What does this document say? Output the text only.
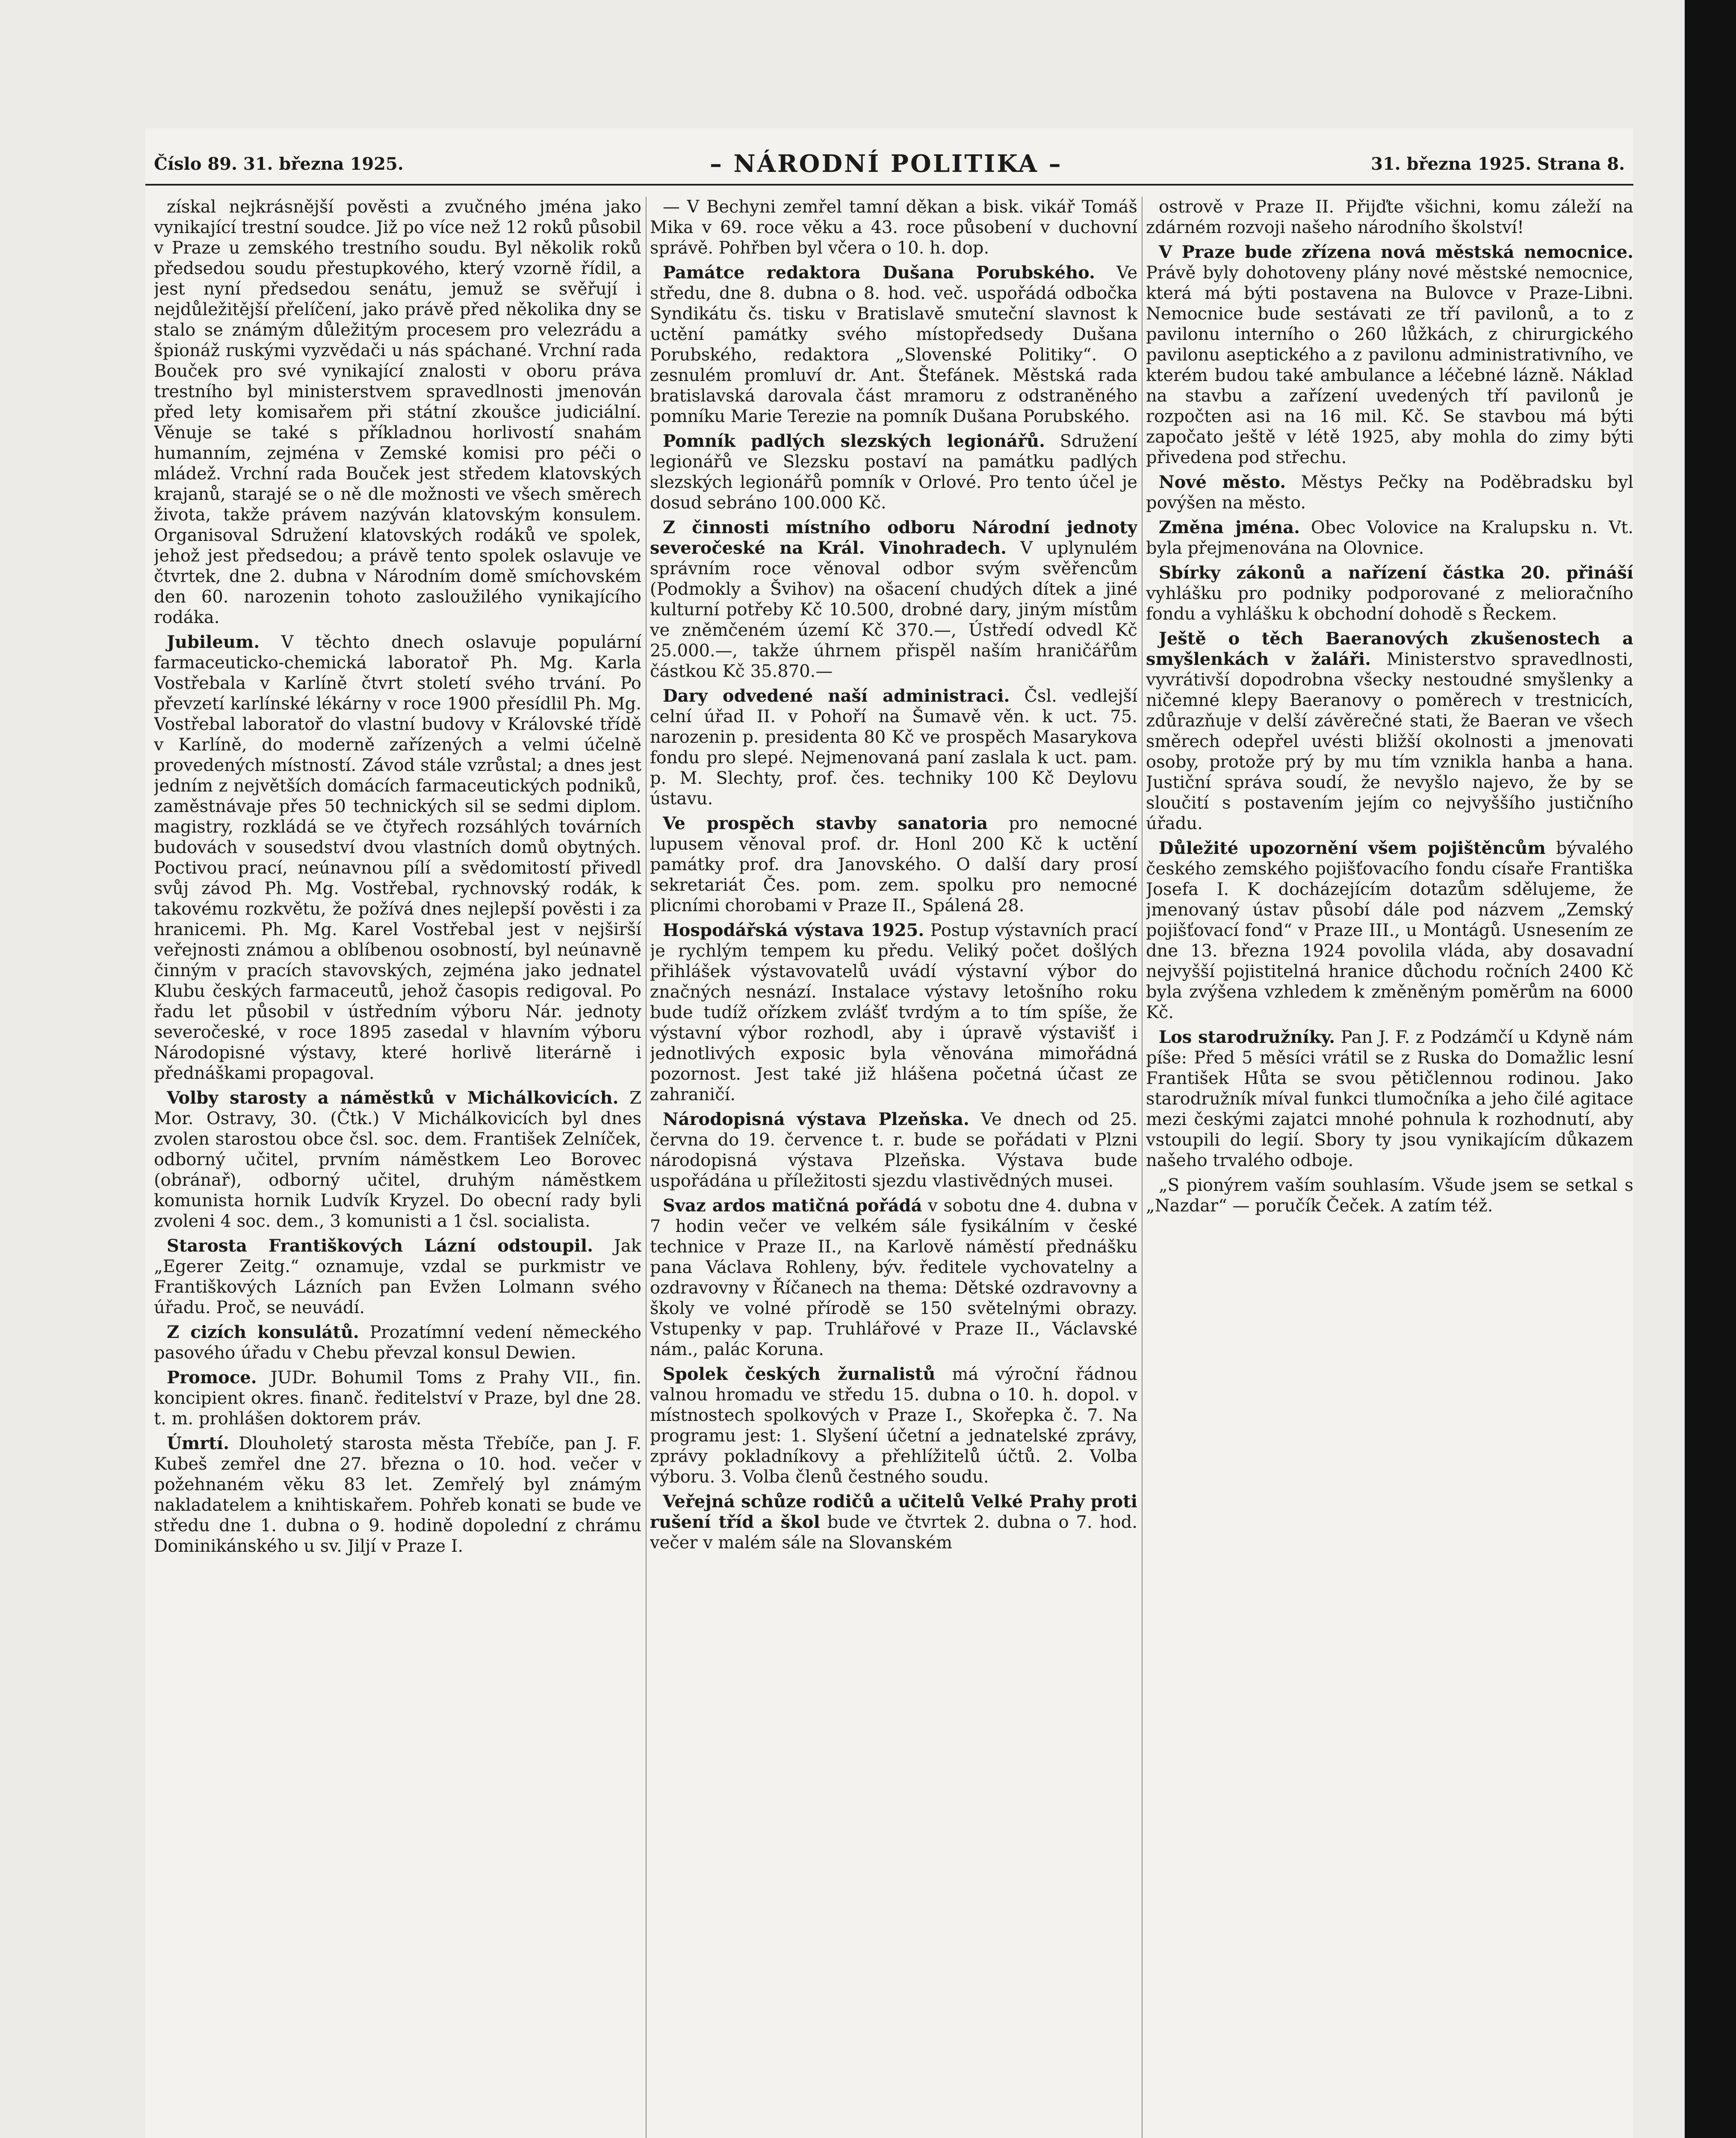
Číslo 89. 31. března 1925.	– NÁRODNÍ POLITIKA –	31. března 1925. Strana 8.

získal nejkrásnější pověsti a zvučného jména jako vynikající trestní soudce. Již po více než 12 roků působil v Praze u zemského trestního soudu. Byl několik roků předsedou soudu přestupkového, který vzorně řídil, a jest nyní předsedou senátu, jemuž se svěřují i nejdůležitější přelíčení, jako právě před několika dny se stalo se známým důležitým procesem pro velezrádu a špionáž ruskými vyzvědači u nás spáchané. Vrchní rada Bouček pro své vynikající znalosti v oboru práva trestního byl ministerstvem spravedlnosti jmenován před lety komisařem při státní zkoušce judiciální. Věnuje se také s příkladnou horlivostí snahám humanním, zejména v Zemské komisi pro péči o mládež. Vrchní rada Bouček jest středem klatovských krajanů, starajé se o ně dle možnosti ve všech směrech života, takže právem nazýván klatovským konsulem. Organisoval Sdružení klatovských rodáků ve spolek, jehož jest předsedou; a právě tento spolek oslavuje ve čtvrtek, dne 2. dubna v Národním domě smíchovském den 60. narozenin tohoto zasloužilého vynikajícího rodáka.

Jubileum. V těchto dnech oslavuje populární farmaceuticko-chemická laboratoř Ph. Mg. Karla Vostřebala v Karlíně čtvrt století svého trvání. Po převzetí karlínské lékárny v roce 1900 přesídlil Ph. Mg. Vostřebal laboratoř do vlastní budovy v Královské třídě v Karlíně, do moderně zařízených a velmi účelně provedených místností. Závod stále vzrůstal; a dnes jest jedním z největších domácích farmaceutických podniků, zaměstnávaje přes 50 technických sil se sedmi diplom. magistry, rozkládá se ve čtyřech rozsáhlých továrních budovách v sousedství dvou vlastních domů obytných. Poctivou prací, neúnavnou pílí a svědomitostí přivedl svůj závod Ph. Mg. Vostřebal, rychnovský rodák, k takovému rozkvětu, že požívá dnes nejlepší pověsti i za hranicemi. Ph. Mg. Karel Vostřebal jest v nejširší veřejnosti známou a oblíbenou osobností, byl neúnavně činným v pracích stavovských, zejména jako jednatel Klubu českých farmaceutů, jehož časopis redigoval. Po řadu let působil v ústředním výboru Nár. jednoty severočeské, v roce 1895 zasedal v hlavním výboru Národopisné výstavy, které horlivě literárně i přednáškami propagoval.

Volby starosty a náměstků v Michálkovicích. Z Mor. Ostravy, 30. (Čtk.) V Michálkovicích byl dnes zvolen starostou obce čsl. soc. dem. František Zelníček, odborný učitel, prvním náměstkem Leo Borovec (obránař), odborný učitel, druhým náměstkem komunista hornik Ludvík Kryzel. Do obecní rady byli zvoleni 4 soc. dem., 3 komunisti a 1 čsl. socialista.

Starosta Františkových Lázní odstoupil. Jak „Egerer Zeitg.“ oznamuje, vzdal se purkmistr ve Františkových Lázních pan Evžen Lolmann svého úřadu. Proč, se neuvádí.

Z cizích konsulátů. Prozatímní vedení německého pasového úřadu v Chebu převzal konsul Dewien.

Promoce. JUDr. Bohumil Toms z Prahy VII., fin. koncipient okres. finanč. ředitelství v Praze, byl dne 28. t. m. prohlášen doktorem práv.

Úmrtí. Dlouholetý starosta města Třebíče, pan J. F. Kubeš zemřel dne 27. března o 10. hod. večer v požehnaném věku 83 let. Zemřelý byl známým nakladatelem a knihtiskařem. Pohřeb konati se bude ve středu dne 1. dubna o 9. hodině dopolední z chrámu Dominikánského u sv. Jiljí v Praze I.

— V Bechyni zemřel tamní děkan a bisk. vikář Tomáš Mika v 69. roce věku a 43. roce působení v duchovní správě. Pohřben byl včera o 10. h. dop.

Památce redaktora Dušana Porubského. Ve středu, dne 8. dubna o 8. hod. več. uspořádá odbočka Syndikátu čs. tisku v Bratislavě smuteční slavnost k uctění památky svého místopředsedy Dušana Porubského, redaktora „Slovenské Politiky“. O zesnulém promluví dr. Ant. Štefánek. Městská rada bratislavská darovala část mramoru z odstraněného pomníku Marie Terezie na pomník Dušana Porubského.

Pomník padlých slezských legionářů. Sdružení legionářů ve Slezsku postaví na památku padlých slezských legionářů pomník v Orlové. Pro tento účel je dosud sebráno 100.000 Kč.

Z činnosti místního odboru Národní jednoty severočeské na Král. Vinohradech. V uplynulém správním roce věnoval odbor svým svěřencům (Podmokly a Švihov) na ošacení chudých dítek a jiné kulturní potřeby Kč 10.500, drobné dary, jiným místům ve zněmčeném území Kč 370.—, Ústředí odvedl Kč 25.000.—, takže úhrnem přispěl naším hraničářům částkou Kč 35.870.—

Dary odvedené naší administraci. Čsl. vedlejší celní úřad II. v Pohoří na Šumavě věn. k uct. 75. narozenin p. presidenta 80 Kč ve prospěch Masarykova fondu pro slepé. Nejmenovaná paní zaslala k uct. pam. p. M. Slechty, prof. čes. techniky 100 Kč Deylovu ústavu.

Ve prospěch stavby sanatoria pro nemocné lupusem věnoval prof. dr. Honl 200 Kč k uctění památky prof. dra Janovského. O další dary prosí sekretariát Čes. pom. zem. spolku pro nemocné plicními chorobami v Praze II., Spálená 28.

Hospodářská výstava 1925. Postup výstavních prací je rychlým tempem ku předu. Veliký počet došlých přihlášek výstavovatelů uvádí výstavní výbor do značných nesnází. Instalace výstavy letošního roku bude tudíž ořízkem zvlášť tvrdým a to tím spíše, že výstavní výbor rozhodl, aby i úpravě výstavišť i jednotlivých exposic byla věnována mimořádná pozornost. Jest také již hlášena početná účast ze zahraničí.

Národopisná výstava Plzeňska. Ve dnech od 25. června do 19. července t. r. bude se pořádati v Plzni národopisná výstava Plzeňska. Výstava bude uspořádána u příležitosti sjezdu vlastivědných musei.

Svaz ardos matičná pořádá v sobotu dne 4. dubna v 7 hodin večer ve velkém sále fysikálním v české technice v Praze II., na Karlově náměstí přednášku pana Václava Rohleny, býv. ředitele vychovatelny a ozdravovny v Říčanech na thema: Dětské ozdravovny a školy ve volné přírodě se 150 světelnými obrazy. Vstupenky v pap. Truhlářové v Praze II., Václavské nám., palác Koruna.

Spolek českých žurnalistů má výroční řádnou valnou hromadu ve středu 15. dubna o 10. h. dopol. v místnostech spolkových v Praze I., Skořepka č. 7. Na programu jest: 1. Slyšení účetní a jednatelské zprávy, zprávy pokladníkovy a přehlížitelů účtů. 2. Volba výboru. 3. Volba členů čestného soudu.

Veřejná schůze rodičů a učitelů Velké Prahy proti rušení tříd a škol bude ve čtvrtek 2. dubna o 7. hod. večer v malém sále na Slovanském

ostrově v Praze II. Přijďte všichni, komu záleží na zdárném rozvoji našeho národního školství!

V Praze bude zřízena nová městská nemocnice. Právě byly dohotoveny plány nové městské nemocnice, která má býti postavena na Bulovce v Praze-Libni. Nemocnice bude sestávati ze tří pavilonů, a to z pavilonu interního o 260 lůžkách, z chirurgického pavilonu aseptického a z pavilonu administrativního, ve kterém budou také ambulance a léčebné lázně. Náklad na stavbu a zařízení uvedených tří pavilonů je rozpočten asi na 16 mil. Kč. Se stavbou má býti započato ještě v létě 1925, aby mohla do zimy býti přivedena pod střechu.

Nové město. Městys Pečky na Poděbradsku byl povýšen na město.

Změna jména. Obec Volovice na Kralupsku n. Vt. byla přejmenována na Olovnice.

Sbírky zákonů a nařízení částka 20. přináší vyhlášku pro podniky podporované z melioračního fondu a vyhlášku k obchodní dohodě s Řeckem.

Ještě o těch Baeranových zkušenostech a smyšlenkách v žaláři. Ministerstvo spravedlnosti, vyvrátivší dopodrobna všecky nestoudné smyšlenky a ničemné klepy Baeranovy o poměrech v trestnicích, zdůrazňuje v delší závěrečné stati, že Baeran ve všech směrech odepřel uvésti bližší okolnosti a jmenovati osoby, protože prý by mu tím vznikla hanba a hana. Justiční správa soudí, že nevyšlo najevo, že by se sloučití s postavením jejím co nejvyššího justičního úřadu.

Důležité upozornění všem pojištěncům bývalého českého zemského pojišťovacího fondu císaře Františka Josefa I. K docházejícím dotazům sdělujeme, že jmenovaný ústav působí dále pod názvem „Zemský pojišťovací fond“ v Praze III., u Montágů. Usnesením ze dne 13. března 1924 povolila vláda, aby dosavadní nejvyšší pojistitelná hranice důchodu ročních 2400 Kč byla zvýšena vzhledem k změněným poměrům na 6000 Kč.

Los starodružníky. Pan J. F. z Podzámčí u Kdyně nám píše: Před 5 měsíci vrátil se z Ruska do Domažlic lesní František Hůta se svou pětičlennou rodinou. Jako starodružník míval funkci tlumočníka a jeho čilé agitace mezi českými zajatci mnohé pohnula k rozhodnutí, aby vstoupili do legií. Sbory ty jsou vynikajícím důkazem našeho trvalého odboje.

„S pionýrem vaším souhlasím. Všude jsem se setkal s „Nazdar“ — poručík Čeček. A zatím též.
